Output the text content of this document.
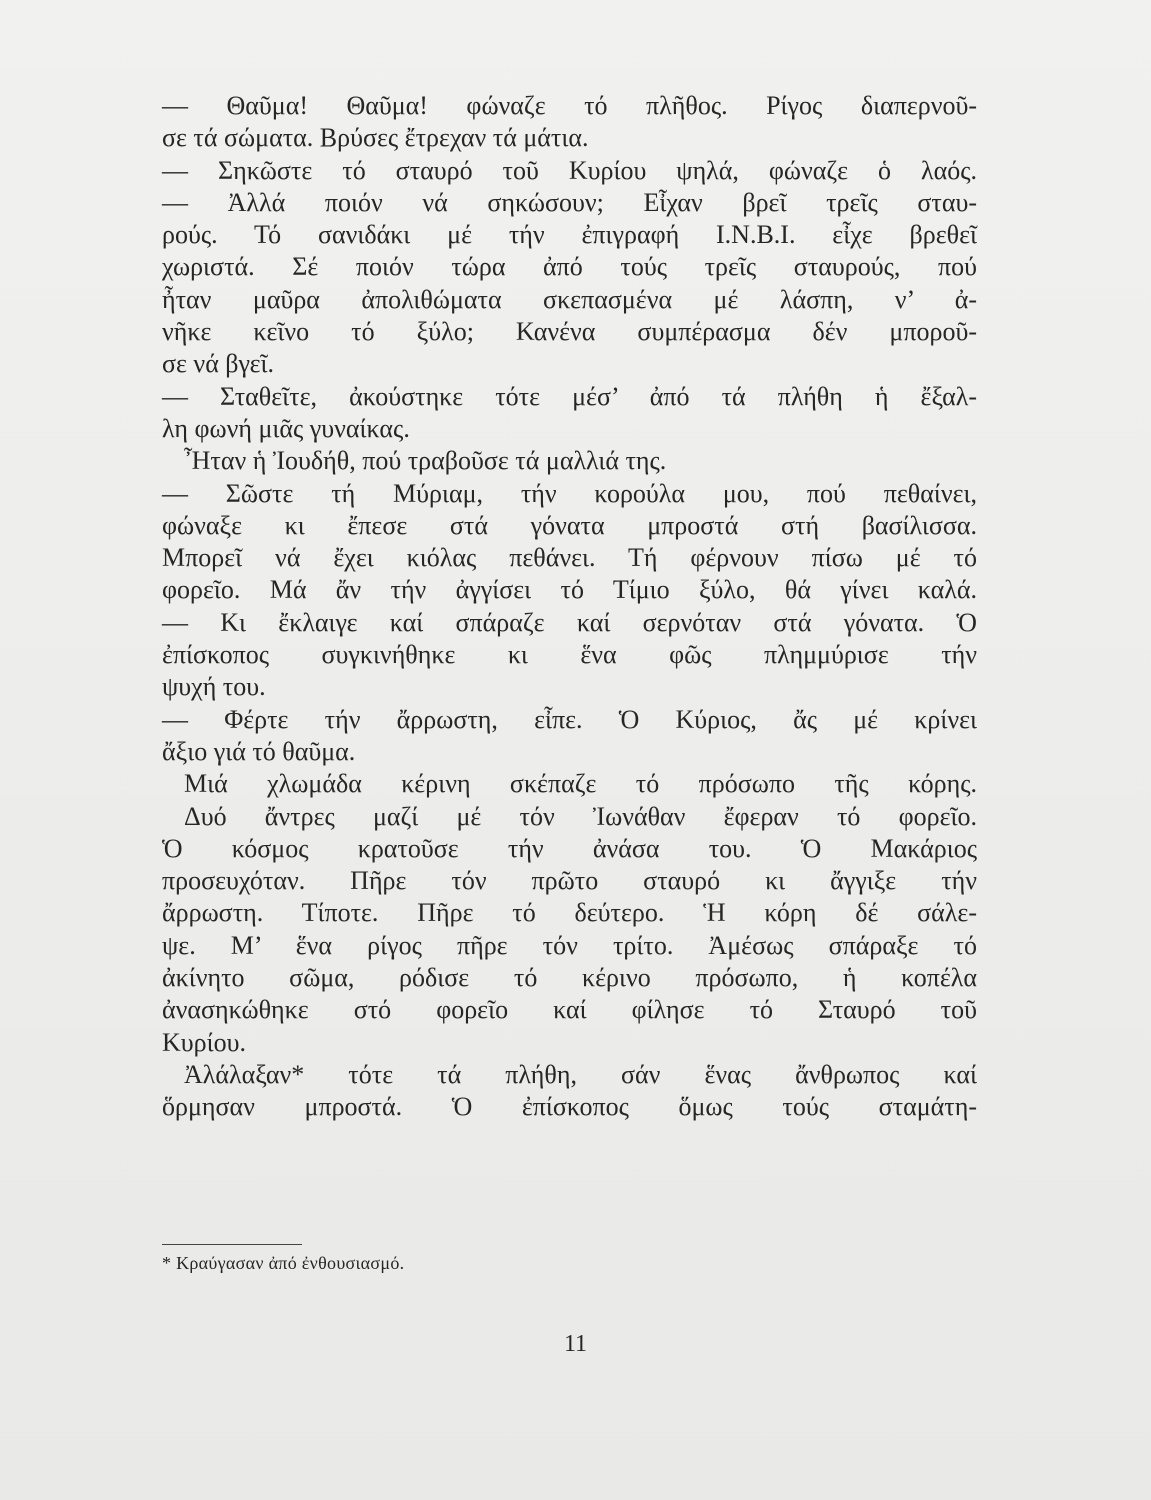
— Θαῦμα! Θαῦμα! φώναζε τό πλῆθος. Ρίγος διαπερνοῦ-
σε τά σώματα. Βρύσες ἔτρεχαν τά μάτια.
— Σηκῶστε τό σταυρό τοῦ Κυρίου ψηλά, φώναζε ὁ λαός.
— Ἀλλά ποιόν νά σηκώσουν; Εἶχαν βρεῖ τρεῖς σταυ-
ρούς. Τό σανιδάκι μέ τήν ἐπιγραφή I.N.B.I. εἶχε βρεθεῖ
χωριστά. Σέ ποιόν τώρα ἀπό τούς τρεῖς σταυρούς, πού
ἦταν μαῦρα ἀπολιθώματα σκεπασμένα μέ λάσπη, ν’ ἀ-
νῆκε κεῖνο τό ξύλο; Κανένα συμπέρασμα δέν μποροῦ-
σε νά βγεῖ.
— Σταθεῖτε, ἀκούστηκε τότε μέσ’ ἀπό τά πλήθη ἡ ἔξαλ-
λη φωνή μιᾶς γυναίκας.
Ἦταν ἡ Ἰουδήθ, πού τραβοῦσε τά μαλλιά της.
— Σῶστε τή Μύριαμ, τήν κορούλα μου, πού πεθαίνει,
φώναξε κι ἔπεσε στά γόνατα μπροστά στή βασίλισσα.
Μπορεῖ νά ἔχει κιόλας πεθάνει. Τή φέρνουν πίσω μέ τό
φορεῖο. Μά ἄν τήν ἀγγίσει τό Τίμιο ξύλο, θά γίνει καλά.
— Κι ἔκλαιγε καί σπάραζε καί σερνόταν στά γόνατα. Ὁ
ἐπίσκοπος συγκινήθηκε κι ἕνα φῶς πλημμύρισε τήν
ψυχή του.
— Φέρτε τήν ἄρρωστη, εἶπε. Ὁ Κύριος, ἄς μέ κρίνει
ἄξιο γιά τό θαῦμα.
Μιά χλωμάδα κέρινη σκέπαζε τό πρόσωπο τῆς κόρης.
Δυό ἄντρες μαζί μέ τόν Ἰωνάθαν ἔφεραν τό φορεῖο.
Ὁ κόσμος κρατοῦσε τήν ἀνάσα του. Ὁ Μακάριος
προσευχόταν. Πῆρε τόν πρῶτο σταυρό κι ἄγγιξε τήν
ἄρρωστη. Τίποτε. Πῆρε τό δεύτερο. Ἡ κόρη δέ σάλε-
ψε. Μ’ ἕνα ρίγος πῆρε τόν τρίτο. Ἀμέσως σπάραξε τό
ἀκίνητο σῶμα, ρόδισε τό κέρινο πρόσωπο, ἡ κοπέλα
ἀνασηκώθηκε στό φορεῖο καί φίλησε τό Σταυρό τοῦ
Κυρίου.
Ἀλάλαξαν* τότε τά πλήθη, σάν ἕνας ἄνθρωπος καί
ὅρμησαν μπροστά. Ὁ ἐπίσκοπος ὅμως τούς σταμάτη-
* Κραύγασαν ἀπό ἐνθουσιασμό.
11
